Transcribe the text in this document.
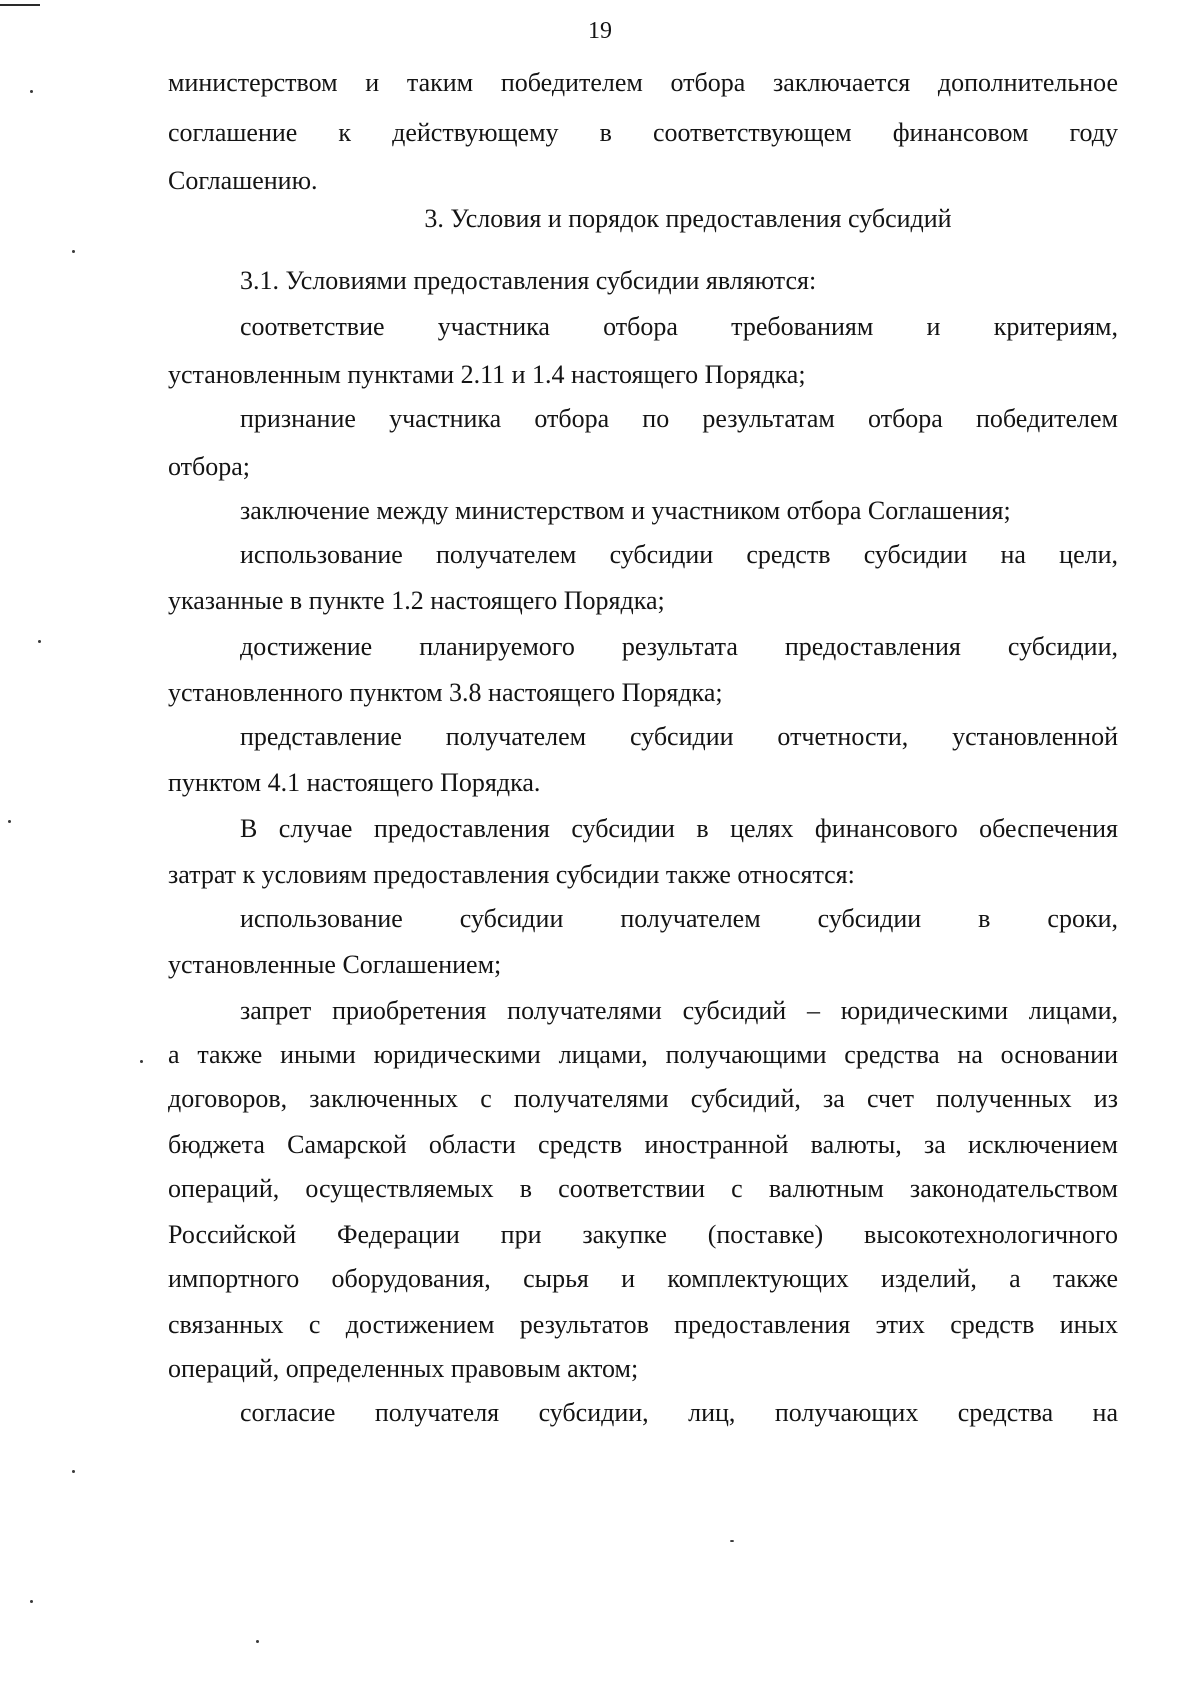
19
министерством и таким победителем отбора заключается дополнительное
соглашение к действующему в соответствующем финансовом году
Соглашению.
3. Условия и порядок предоставления субсидий
3.1. Условиями предоставления субсидии являются:
соответствие участника отбора требованиям и критериям,
установленным пунктами 2.11 и 1.4 настоящего Порядка;
признание участника отбора по результатам отбора победителем
отбора;
заключение между министерством и участником отбора Соглашения;
использование получателем субсидии средств субсидии на цели,
указанные в пункте 1.2 настоящего Порядка;
достижение планируемого результата предоставления субсидии,
установленного пунктом 3.8 настоящего Порядка;
представление получателем субсидии отчетности, установленной
пунктом 4.1 настоящего Порядка.
В случае предоставления субсидии в целях финансового обеспечения
затрат к условиям предоставления субсидии также относятся:
использование субсидии получателем субсидии в сроки,
установленные Соглашением;
запрет приобретения получателями субсидий – юридическими лицами,
а также иными юридическими лицами, получающими средства на основании
договоров, заключенных с получателями субсидий, за счет полученных из
бюджета Самарской области средств иностранной валюты, за исключением
операций, осуществляемых в соответствии с валютным законодательством
Российской Федерации при закупке (поставке) высокотехнологичного
импортного оборудования, сырья и комплектующих изделий, а также
связанных с достижением результатов предоставления этих средств иных
операций, определенных правовым актом;
согласие получателя субсидии, лиц, получающих средства на
